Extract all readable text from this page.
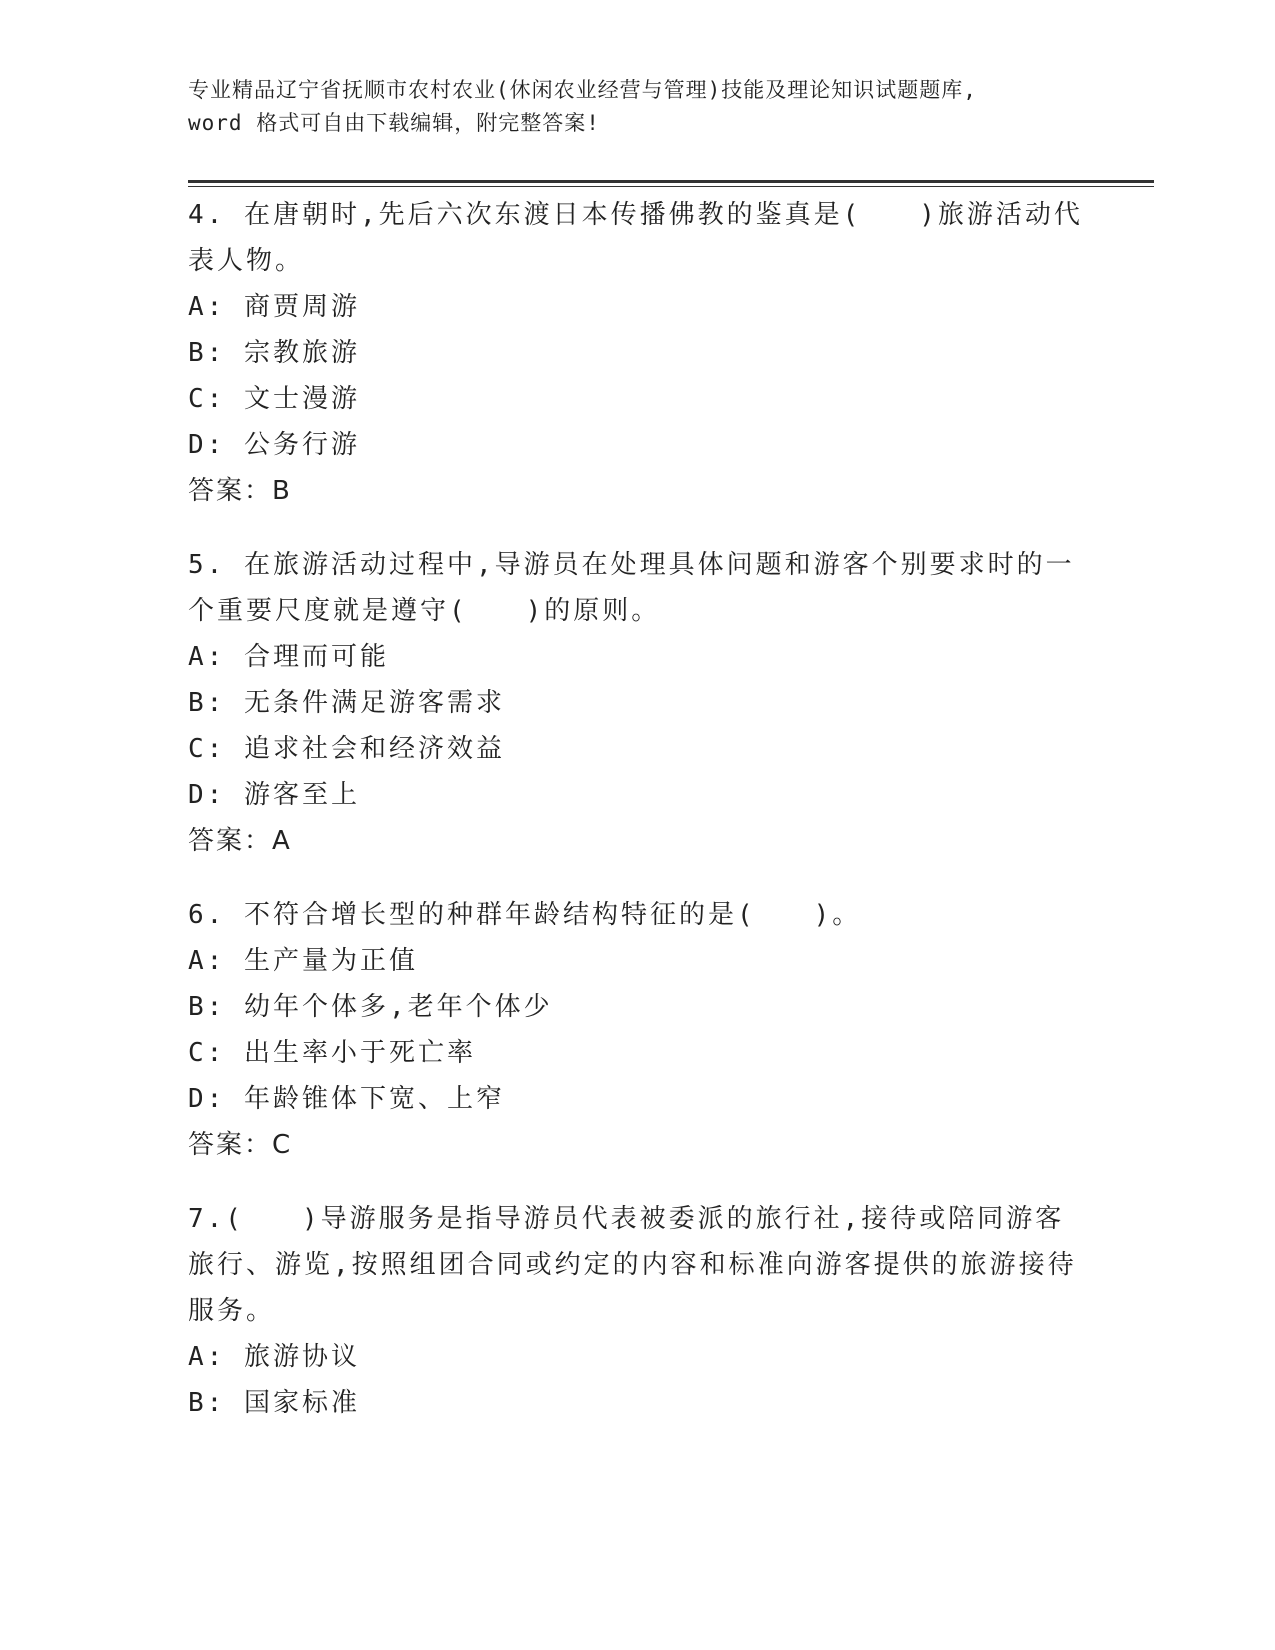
专业精品辽宁省抚顺市农村农业(休闲农业经营与管理)技能及理论知识试题题库,
word 格式可自由下载编辑，附完整答案!

4. 在唐朝时,先后六次东渡日本传播佛教的鉴真是(　　)旅游活动代表人物。

A: 商贾周游

B: 宗教旅游

C: 文士漫游

D: 公务行游

答案：B

5. 在旅游活动过程中,导游员在处理具体问题和游客个别要求时的一个重要尺度就是遵守(　　)的原则。

A: 合理而可能

B: 无条件满足游客需求

C: 追求社会和经济效益

D: 游客至上

答案：A

6. 不符合增长型的种群年龄结构特征的是(　　)。

A: 生产量为正值

B: 幼年个体多,老年个体少

C: 出生率小于死亡率

D: 年龄锥体下宽、上窄

答案：C

7.(　　)导游服务是指导游员代表被委派的旅行社,接待或陪同游客旅行、游览,按照组团合同或约定的内容和标准向游客提供的旅游接待服务。

A: 旅游协议

B: 国家标准
